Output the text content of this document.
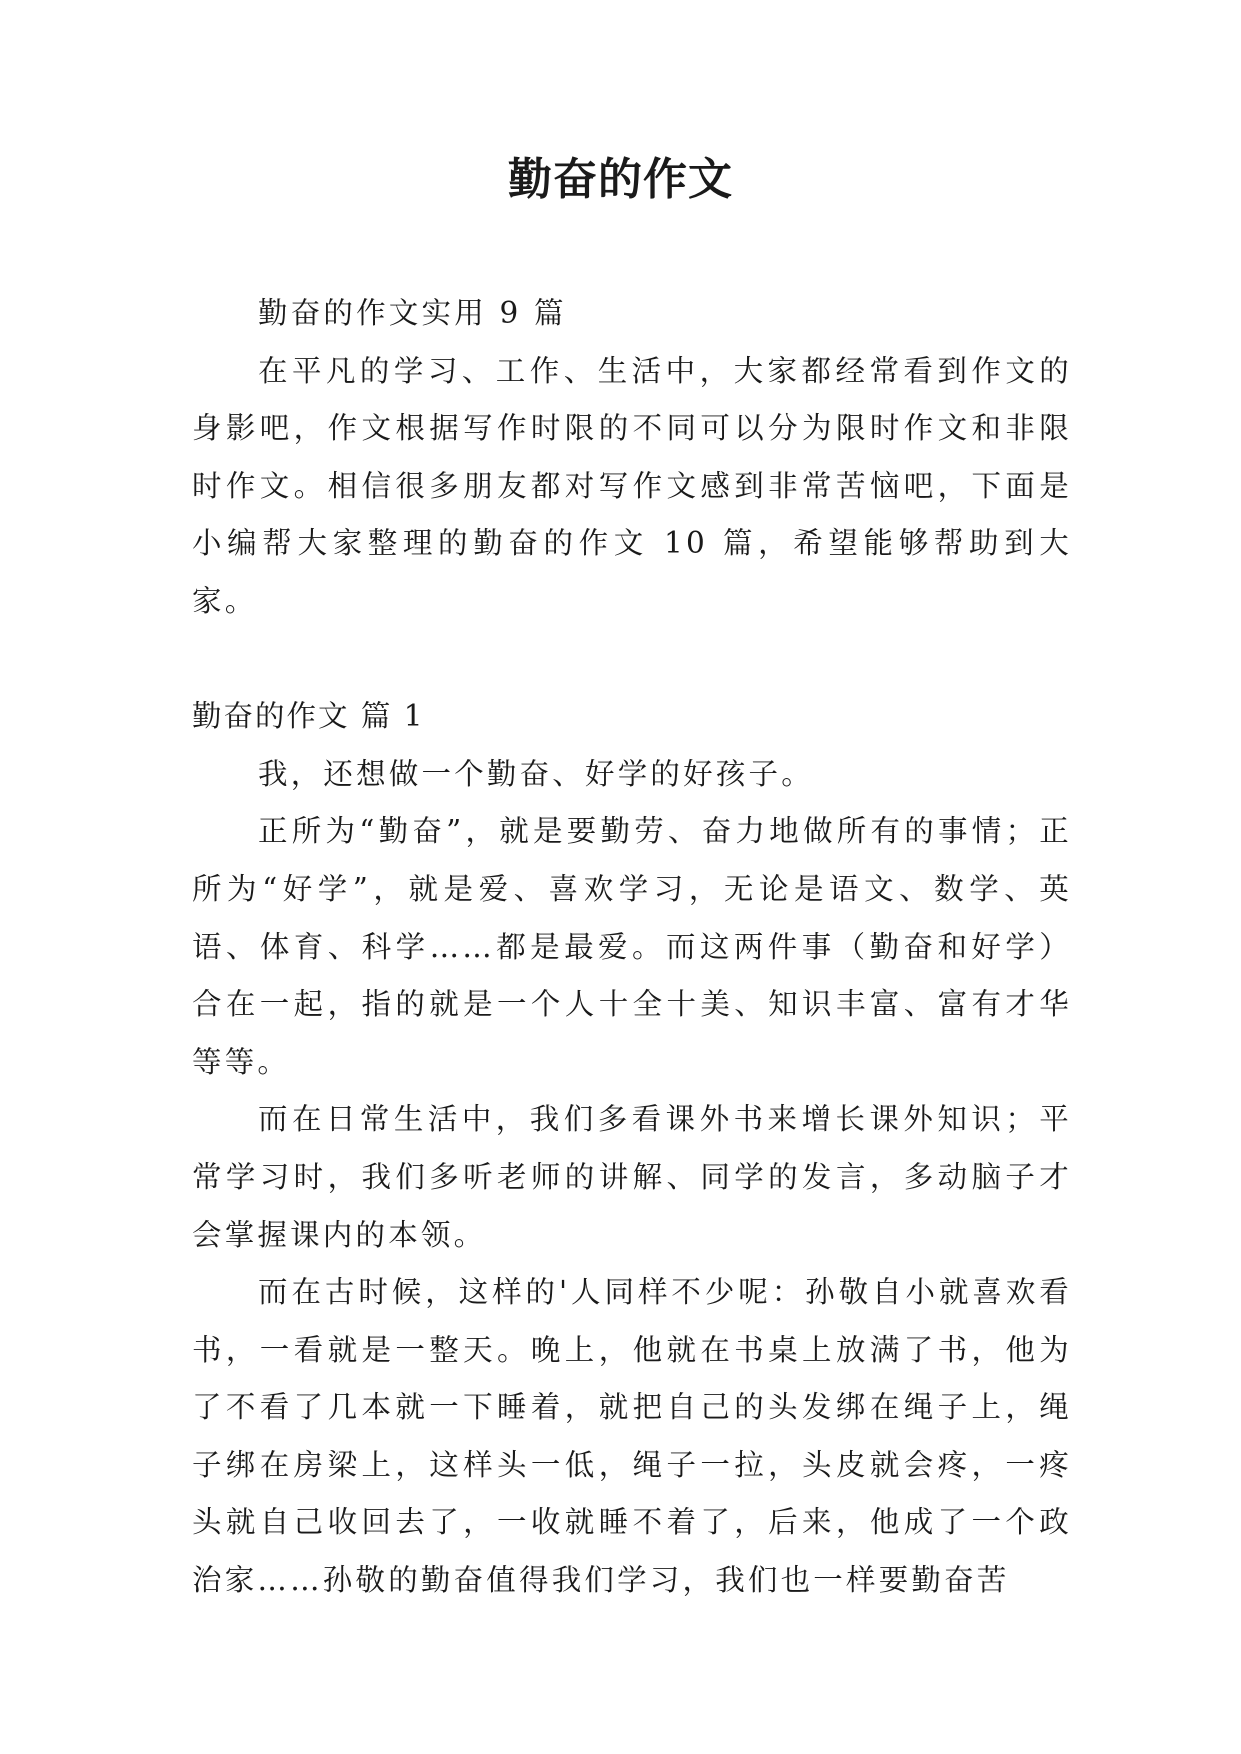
勤奋的作文

勤奋的作文实用 9 篇

在平凡的学习、工作、生活中，大家都经常看到作文的身影吧，作文根据写作时限的不同可以分为限时作文和非限时作文。相信很多朋友都对写作文感到非常苦恼吧，下面是小编帮大家整理的勤奋的作文 10 篇，希望能够帮助到大家。

勤奋的作文 篇 1

我，还想做一个勤奋、好学的好孩子。

正所为“勤奋”，就是要勤劳、奋力地做所有的事情；正所为“好学”，就是爱、喜欢学习，无论是语文、数学、英语、体育、科学……都是最爱。而这两件事（勤奋和好学）合在一起，指的就是一个人十全十美、知识丰富、富有才华等等。

而在日常生活中，我们多看课外书来增长课外知识；平常学习时，我们多听老师的讲解、同学的发言，多动脑子才会掌握课内的本领。

而在古时候，这样的'人同样不少呢：孙敬自小就喜欢看书，一看就是一整天。晚上，他就在书桌上放满了书，他为了不看了几本就一下睡着，就把自己的头发绑在绳子上，绳子绑在房梁上，这样头一低，绳子一拉，头皮就会疼，一疼头就自己收回去了，一收就睡不着了，后来，他成了一个政治家……孙敬的勤奋值得我们学习，我们也一样要勤奋苦
